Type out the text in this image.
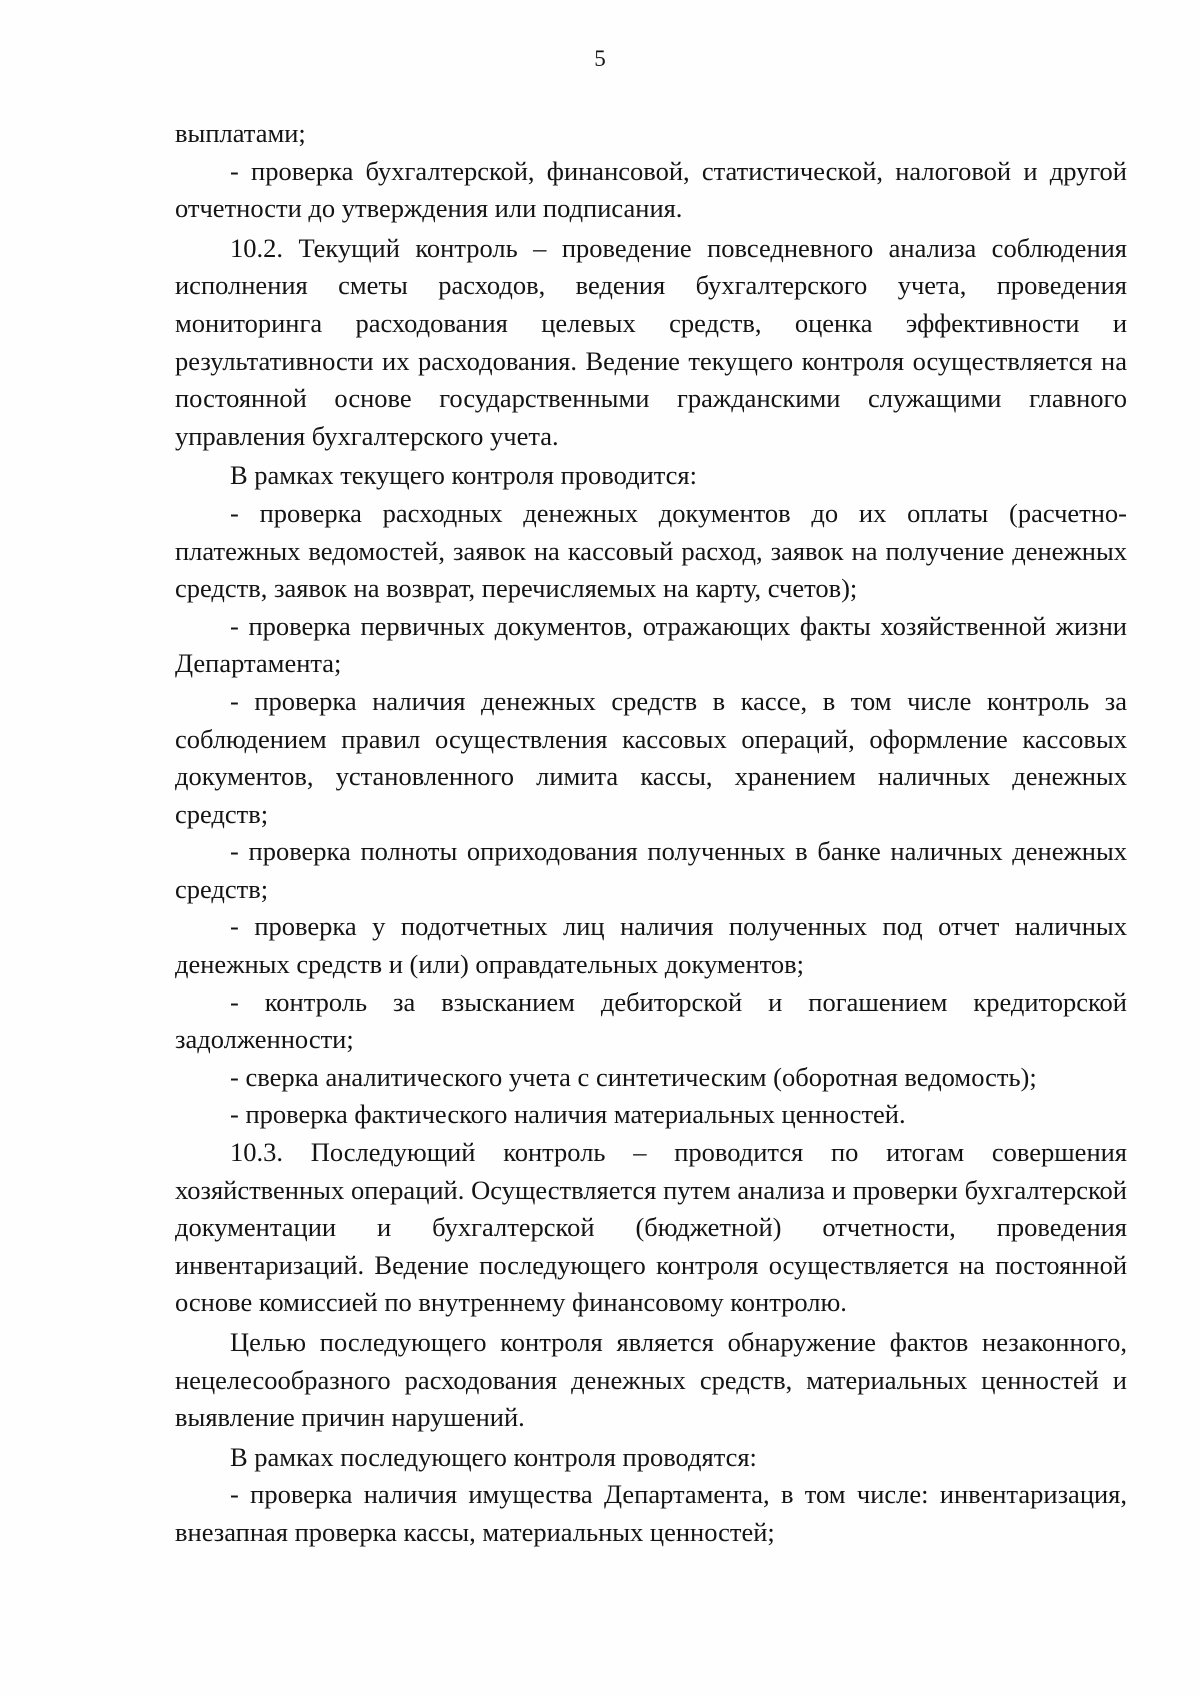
5

выплатами;

- проверка бухгалтерской, финансовой, статистической, налоговой и другой отчетности до утверждения или подписания.

10.2. Текущий контроль – проведение повседневного анализа соблюдения исполнения сметы расходов, ведения бухгалтерского учета, проведения мониторинга расходования целевых средств, оценка эффективности и результативности их расходования. Ведение текущего контроля осуществляется на постоянной основе государственными гражданскими служащими главного управления бухгалтерского учета.

В рамках текущего контроля проводится:

- проверка расходных денежных документов до их оплаты (расчетно-платежных ведомостей, заявок на кассовый расход, заявок на получение денежных средств, заявок на возврат, перечисляемых на карту, счетов);

- проверка первичных документов, отражающих факты хозяйственной жизни Департамента;

- проверка наличия денежных средств в кассе, в том числе контроль за соблюдением правил осуществления кассовых операций, оформление кассовых документов, установленного лимита кассы, хранением наличных денежных средств;

- проверка полноты оприходования полученных в банке наличных денежных средств;

- проверка у подотчетных лиц наличия полученных под отчет наличных денежных средств и (или) оправдательных документов;

- контроль за взысканием дебиторской и погашением кредиторской задолженности;

- сверка аналитического учета с синтетическим (оборотная ведомость);

- проверка фактического наличия материальных ценностей.

10.3. Последующий контроль – проводится по итогам совершения хозяйственных операций. Осуществляется путем анализа и проверки бухгалтерской документации и бухгалтерской (бюджетной) отчетности, проведения инвентаризаций. Ведение последующего контроля осуществляется на постоянной основе комиссией по внутреннему финансовому контролю.

Целью последующего контроля является обнаружение фактов незаконного, нецелесообразного расходования денежных средств, материальных ценностей и выявление причин нарушений.

В рамках последующего контроля проводятся:

- проверка наличия имущества Департамента, в том числе: инвентаризация, внезапная проверка кассы, материальных ценностей;
